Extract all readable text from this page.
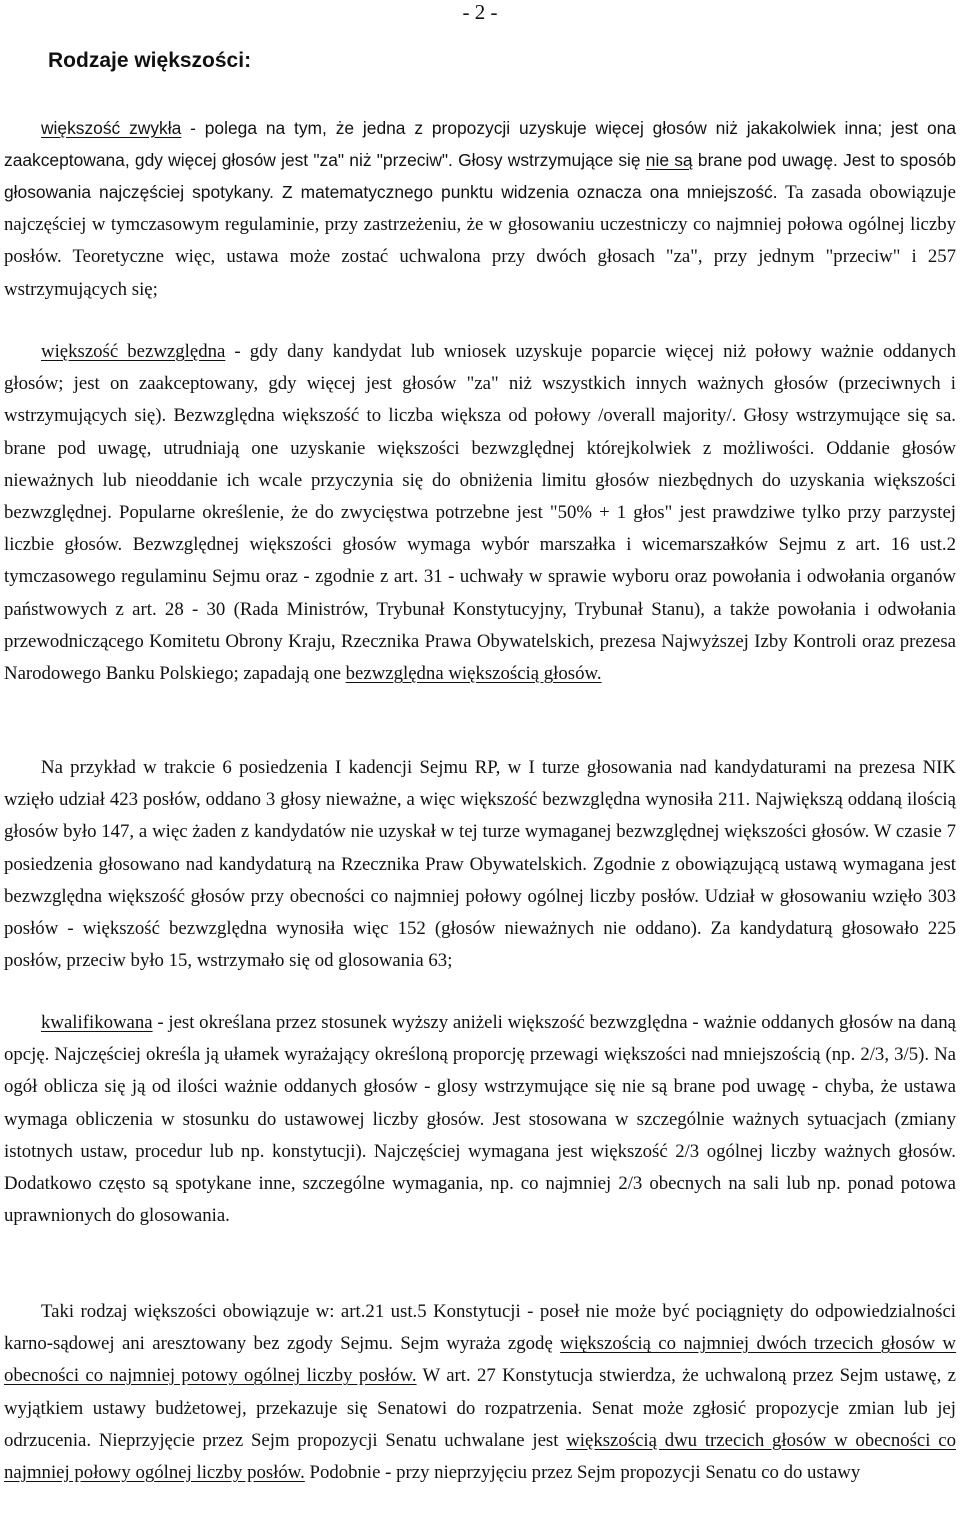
- 2 -
Rodzaje większości:

większość zwykła - polega na tym, że jedna z propozycji uzyskuje więcej głosów niż jakakolwiek inna; jest ona zaakceptowana, gdy więcej głosów jest "za" niż "przeciw". Głosy wstrzymujące się nie są brane pod uwagę. Jest to sposób głosowania najczęściej spotykany. Z matematycznego punktu widzenia oznacza ona mniejszość. Ta zasada obowiązuje najczęściej w tymczasowym regulaminie, przy zastrzeżeniu, że w głosowaniu uczestniczy co najmniej połowa ogólnej liczby posłów. Teoretyczne więc, ustawa może zostać uchwalona przy dwóch głosach "za", przy jednym "przeciw" i 257 wstrzymujących się;

większość bezwzględna - gdy dany kandydat lub wniosek uzyskuje poparcie więcej niż połowy ważnie oddanych głosów; jest on zaakceptowany, gdy więcej jest głosów "za" niż wszystkich innych ważnych głosów (przeciwnych i wstrzymujących się). Bezwzględna większość to liczba większa od połowy /overall majority/. Głosy wstrzymujące się sa. brane pod uwagę, utrudniają one uzyskanie większości bezwzględnej którejkolwiek z możliwości. Oddanie głosów nieważnych lub nieoddanie ich wcale przyczynia się do obniżenia limitu głosów niezbędnych do uzyskania większości bezwzględnej. Popularne określenie, że do zwycięstwa potrzebne jest "50% + 1 głos" jest prawdziwe tylko przy parzystej liczbie głosów. Bezwzględnej większości głosów wymaga wybór marszałka i wicemarszałków Sejmu z art. 16 ust.2 tymczasowego regulaminu Sejmu oraz - zgodnie z art. 31 - uchwały w sprawie wyboru oraz powołania i odwołania organów państwowych z art. 28 - 30 (Rada Ministrów, Trybunał Konstytucyjny, Trybunał Stanu), a także powołania i odwołania przewodniczącego Komitetu Obrony Kraju, Rzecznika Prawa Obywatelskich, prezesa Najwyższej Izby Kontroli oraz prezesa Narodowego Banku Polskiego; zapadają one bezwzględna większością głosów.

Na przykład w trakcie 6 posiedzenia I kadencji Sejmu RP, w I turze głosowania nad kandydaturami na prezesa NIK wzięło udział 423 posłów, oddano 3 głosy nieważne, a więc większość bezwzględna wynosiła 211. Największą oddaną ilością głosów było 147, a więc żaden z kandydatów nie uzyskał w tej turze wymaganej bezwzględnej większości głosów. W czasie 7 posiedzenia głosowano nad kandydaturą na Rzecznika Praw Obywatelskich. Zgodnie z obowiązującą ustawą wymagana jest bezwzględna większość głosów przy obecności co najmniej połowy ogólnej liczby posłów. Udział w głosowaniu wzięło 303 posłów - większość bezwzględna wynosiła więc 152 (głosów nieważnych nie oddano). Za kandydaturą głosowało 225 posłów, przeciw było 15, wstrzymało się od glosowania 63;

kwalifikowana - jest określana przez stosunek wyższy aniżeli większość bezwzględna - ważnie oddanych głosów na daną opcję. Najczęściej określa ją ułamek wyrażający określoną proporcję przewagi większości nad mniejszością (np. 2/3, 3/5). Na ogół oblicza się ją od ilości ważnie oddanych głosów - glosy wstrzymujące się nie są brane pod uwagę - chyba, że ustawa wymaga obliczenia w stosunku do ustawowej liczby głosów. Jest stosowana w szczególnie ważnych sytuacjach (zmiany istotnych ustaw, procedur lub np. konstytucji). Najczęściej wymagana jest większość 2/3 ogólnej liczby ważnych głosów. Dodatkowo często są spotykane inne, szczególne wymagania, np. co najmniej 2/3 obecnych na sali lub np. ponad potowa uprawnionych do glosowania.

Taki rodzaj większości obowiązuje w: art.21 ust.5 Konstytucji - poseł nie może być pociągnięty do odpowiedzialności karno-sądowej ani aresztowany bez zgody Sejmu. Sejm wyraża zgodę większością co najmniej dwóch trzecich głosów w obecności co najmniej potowy ogólnej liczby posłów. W art. 27 Konstytucja stwierdza, że uchwaloną przez Sejm ustawę, z wyjątkiem ustawy budżetowej, przekazuje się Senatowi do rozpatrzenia. Senat może zgłosić propozycje zmian lub jej odrzucenia. Nieprzyjęcie przez Sejm propozycji Senatu uchwalane jest większością dwu trzecich głosów w obecności co najmniej połowy ogólnej liczby posłów. Podobnie - przy nieprzyjęciu przez Sejm propozycji Senatu co do ustawy
